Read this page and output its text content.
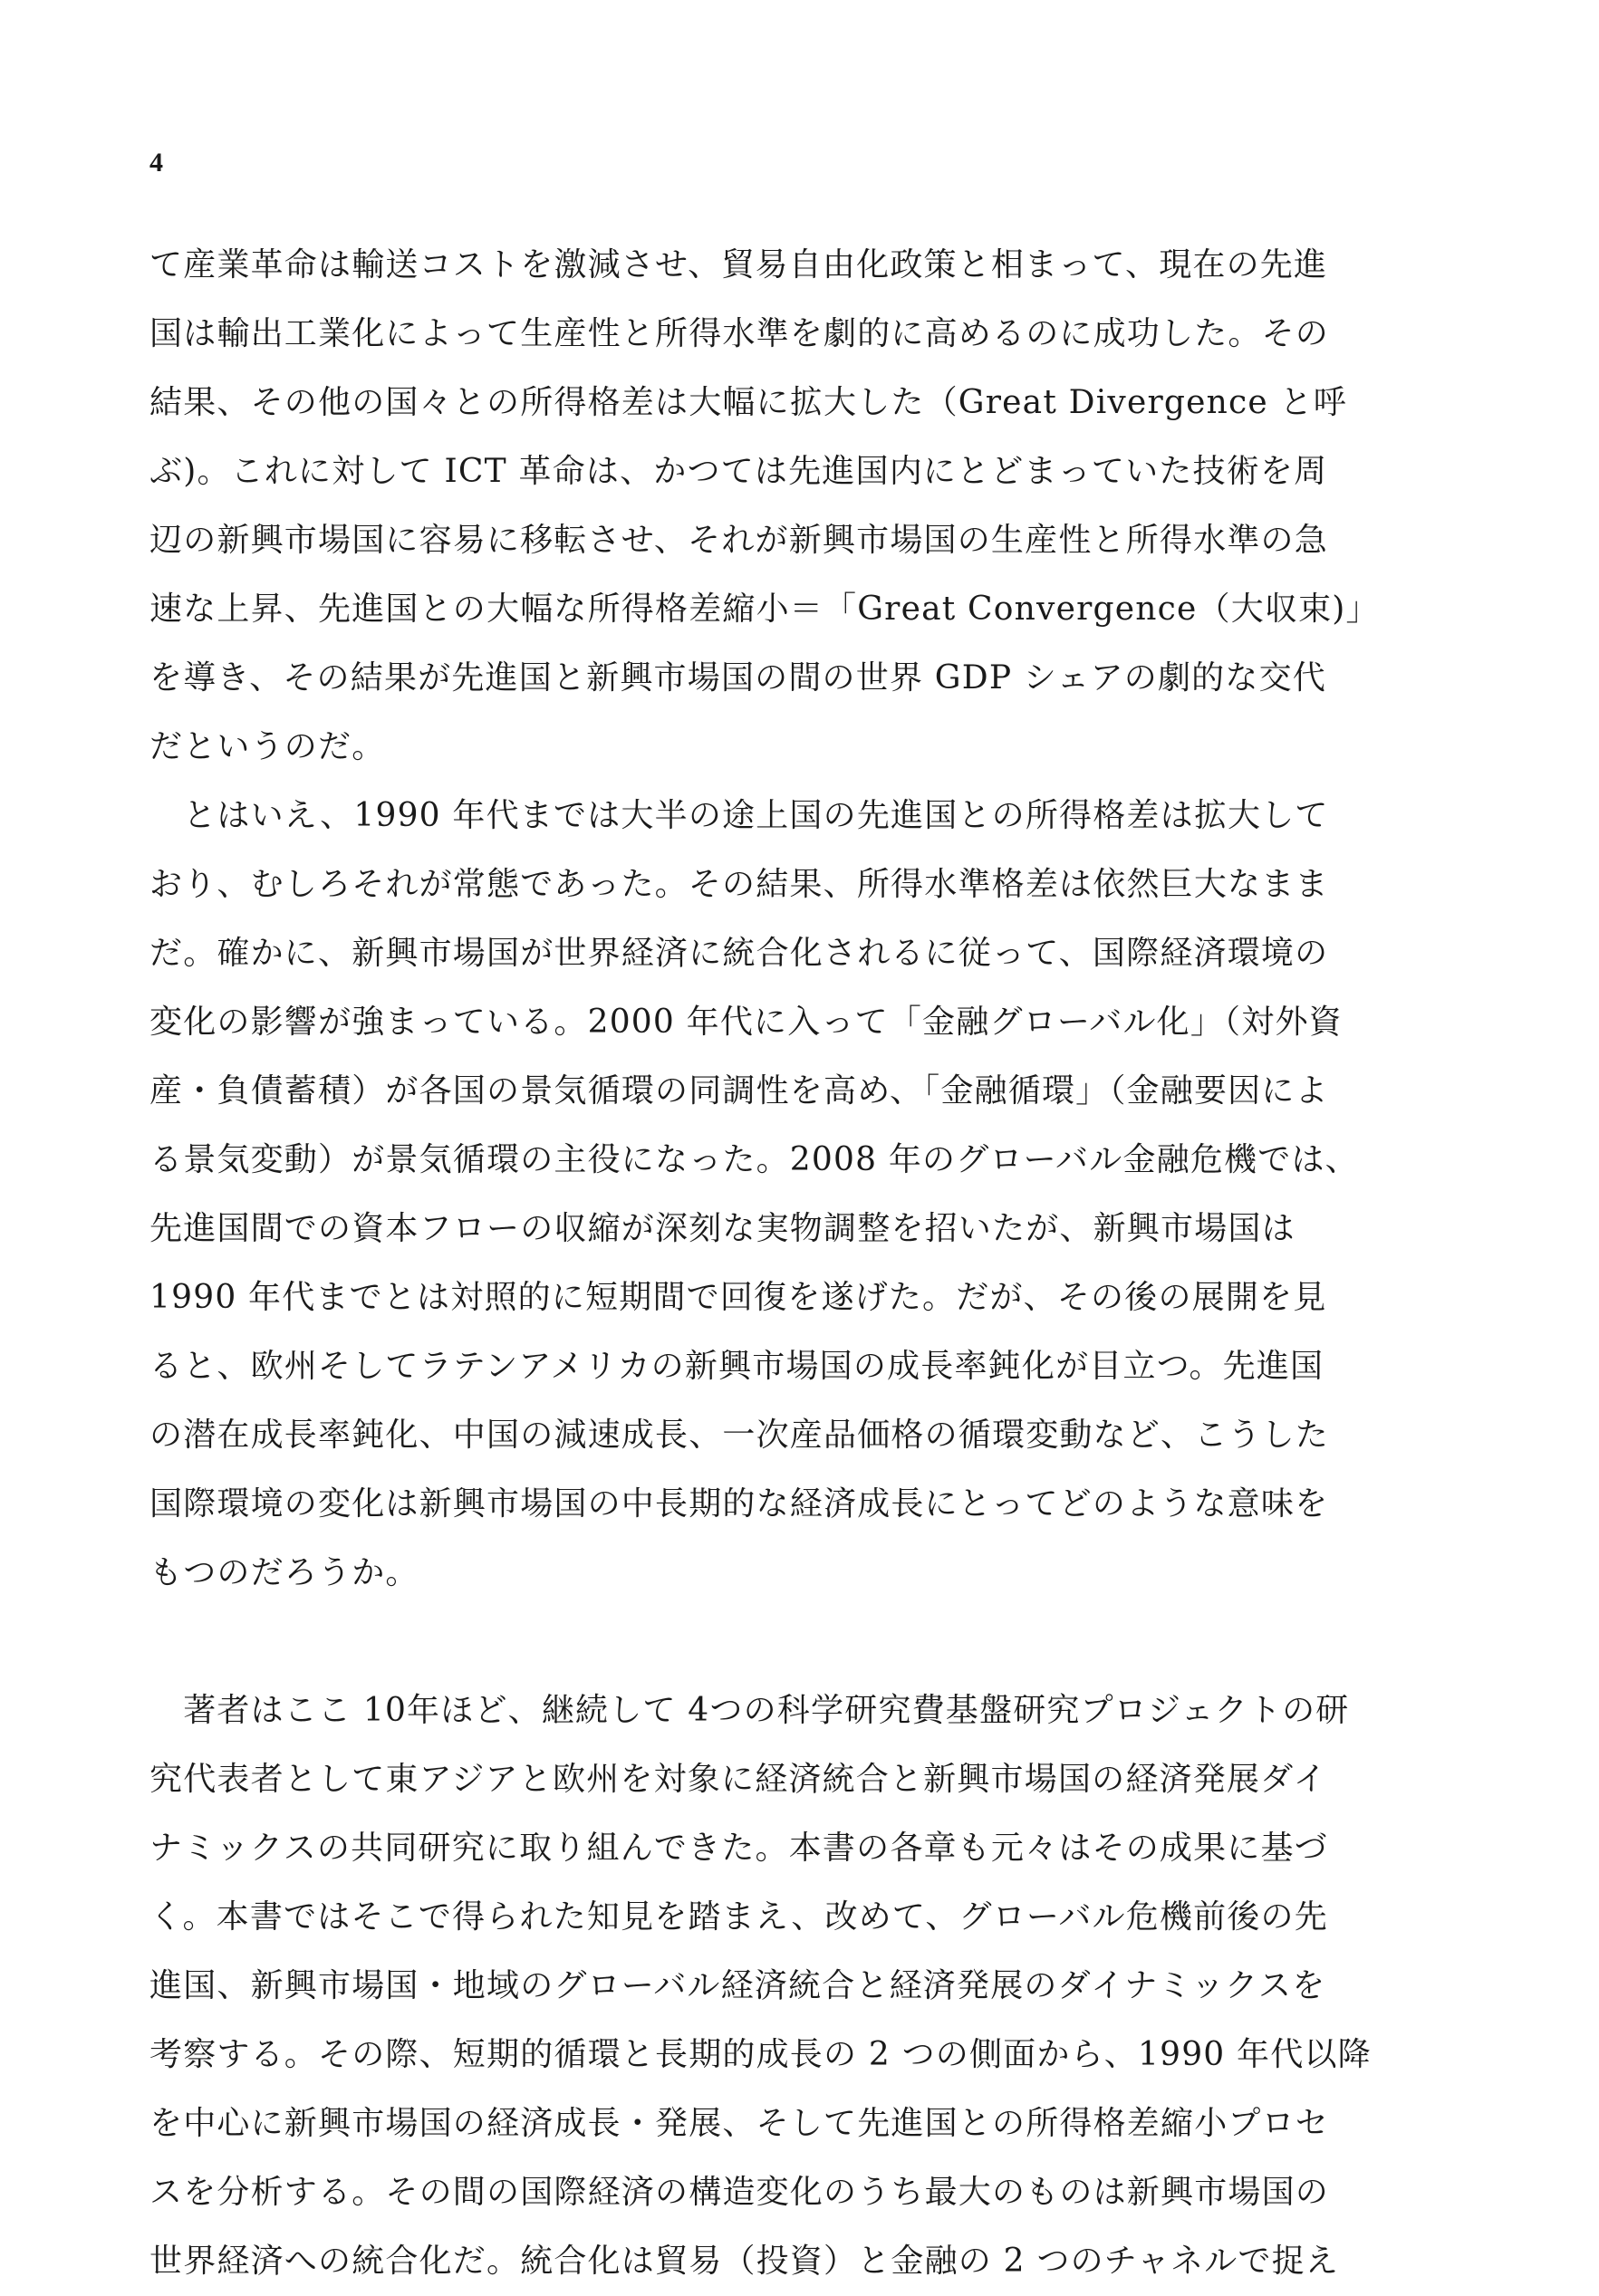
4
て産業革命は輸送コストを激減させ、貿易自由化政策と相まって、現在の先進
国は輸出工業化によって生産性と所得水準を劇的に高めるのに成功した。その
結果、その他の国々との所得格差は大幅に拡大した（Great Divergence と呼
ぶ)。これに対して ICT 革命は、かつては先進国内にとどまっていた技術を周
辺の新興市場国に容易に移転させ、それが新興市場国の生産性と所得水準の急
速な上昇、先進国との大幅な所得格差縮小＝「Great Convergence（大収束)」
を導き、その結果が先進国と新興市場国の間の世界 GDP シェアの劇的な交代
だというのだ。
　とはいえ、1990 年代までは大半の途上国の先進国との所得格差は拡大して
おり、むしろそれが常態であった。その結果、所得水準格差は依然巨大なまま
だ。確かに、新興市場国が世界経済に統合化されるに従って、国際経済環境の
変化の影響が強まっている。2000 年代に入って「金融グローバル化」（対外資
産・負債蓄積）が各国の景気循環の同調性を高め、「金融循環」（金融要因によ
る景気変動）が景気循環の主役になった。2008 年のグローバル金融危機では、
先進国間での資本フローの収縮が深刻な実物調整を招いたが、新興市場国は
1990 年代までとは対照的に短期間で回復を遂げた。だが、その後の展開を見
ると、欧州そしてラテンアメリカの新興市場国の成長率鈍化が目立つ。先進国
の潜在成長率鈍化、中国の減速成長、一次産品価格の循環変動など、こうした
国際環境の変化は新興市場国の中長期的な経済成長にとってどのような意味を
もつのだろうか。
　著者はここ 10年ほど、継続して 4つの科学研究費基盤研究プロジェクトの研
究代表者として東アジアと欧州を対象に経済統合と新興市場国の経済発展ダイ
ナミックスの共同研究に取り組んできた。本書の各章も元々はその成果に基づ
く。本書ではそこで得られた知見を踏まえ、改めて、グローバル危機前後の先
進国、新興市場国・地域のグローバル経済統合と経済発展のダイナミックスを
考察する。その際、短期的循環と長期的成長の 2 つの側面から、1990 年代以降
を中心に新興市場国の経済成長・発展、そして先進国との所得格差縮小プロセ
スを分析する。その間の国際経済の構造変化のうち最大のものは新興市場国の
世界経済への統合化だ。統合化は貿易（投資）と金融の 2 つのチャネルで捉え
